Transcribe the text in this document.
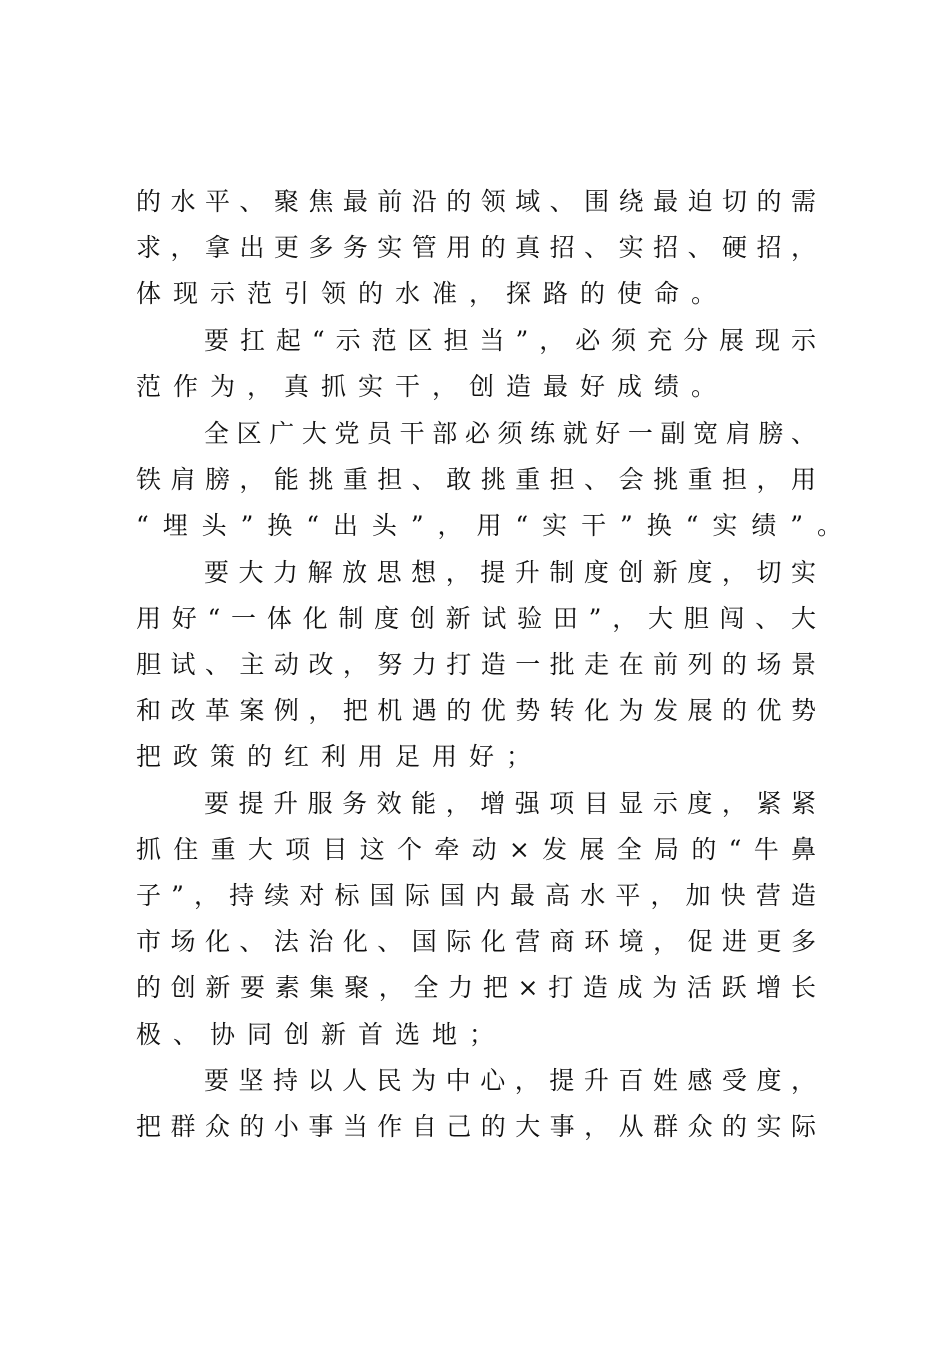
的水平、聚焦最前沿的领域、围绕最迫切的需
求，拿出更多务实管用的真招、实招、硬招，
体现示范引领的水准，探路的使命。
要扛起“示范区担当”，必须充分展现示
范作为，真抓实干，创造最好成绩。
全区广大党员干部必须练就好一副宽肩膀、
铁肩膀，能挑重担、敢挑重担、会挑重担，用
“埋头”换“出头”，用“实干”换“实绩”。
要大力解放思想，提升制度创新度，切实
用好“一体化制度创新试验田”，大胆闯、大
胆试、主动改，努力打造一批走在前列的场景
和改革案例，把机遇的优势转化为发展的优势
把政策的红利用足用好；
要提升服务效能，增强项目显示度，紧紧
抓住重大项目这个牵动×发展全局的“牛鼻
子”，持续对标国际国内最高水平，加快营造
市场化、法治化、国际化营商环境，促进更多
的创新要素集聚，全力把×打造成为活跃增长
极、协同创新首选地；
要坚持以人民为中心，提升百姓感受度，
把群众的小事当作自己的大事，从群众的实际
